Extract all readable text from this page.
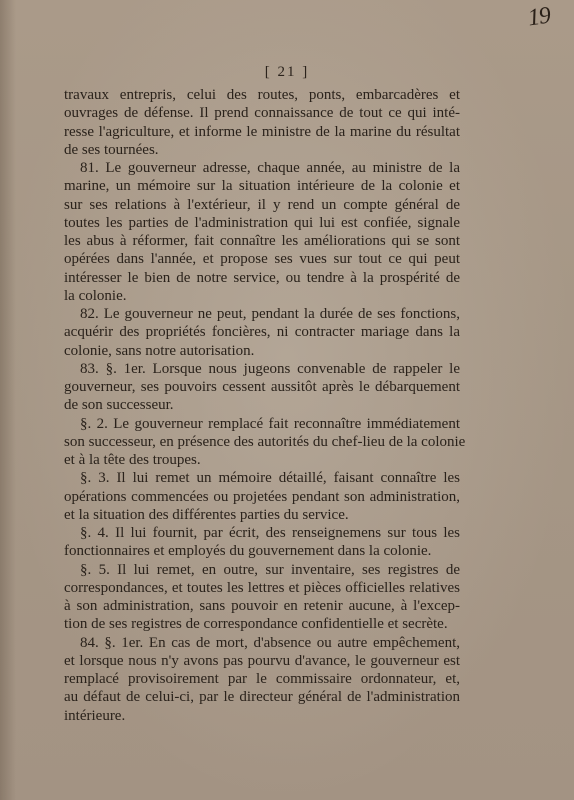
19
[ 21 ]
travaux entrepris, celui des routes, ponts, embarcadères et
ouvrages de défense. Il prend connaissance de tout ce qui inté-
resse l'agriculture, et informe le ministre de la marine du résultat
de ses tournées.
81. Le gouverneur adresse, chaque année, au ministre de la
marine, un mémoire sur la situation intérieure de la colonie et
sur ses relations à l'extérieur, il y rend un compte général de
toutes les parties de l'administration qui lui est confiée, signale
les abus à réformer, fait connaître les améliorations qui se sont
opérées dans l'année, et propose ses vues sur tout ce qui peut
intéresser le bien de notre service, ou tendre à la prospérité de
la colonie.
82. Le gouverneur ne peut, pendant la durée de ses fonctions,
acquérir des propriétés foncières, ni contracter mariage dans la
colonie, sans notre autorisation.
83. §. 1er. Lorsque nous jugeons convenable de rappeler le
gouverneur, ses pouvoirs cessent aussitôt après le débarquement
de son successeur.
§. 2. Le gouverneur remplacé fait reconnaître immédiatement
son successeur, en présence des autorités du chef-lieu de la colonie
et à la tête des troupes.
§. 3. Il lui remet un mémoire détaillé, faisant connaître les
opérations commencées ou projetées pendant son administration,
et la situation des différentes parties du service.
§. 4. Il lui fournit, par écrit, des renseignemens sur tous les
fonctionnaires et employés du gouvernement dans la colonie.
§. 5. Il lui remet, en outre, sur inventaire, ses registres de
correspondances, et toutes les lettres et pièces officielles relatives
à son administration, sans pouvoir en retenir aucune, à l'excep-
tion de ses registres de correspondance confidentielle et secrète.
84. §. 1er. En cas de mort, d'absence ou autre empêchement,
et lorsque nous n'y avons pas pourvu d'avance, le gouverneur est
remplacé provisoirement par le commissaire ordonnateur, et,
au défaut de celui-ci, par le directeur général de l'administration
intérieure.
